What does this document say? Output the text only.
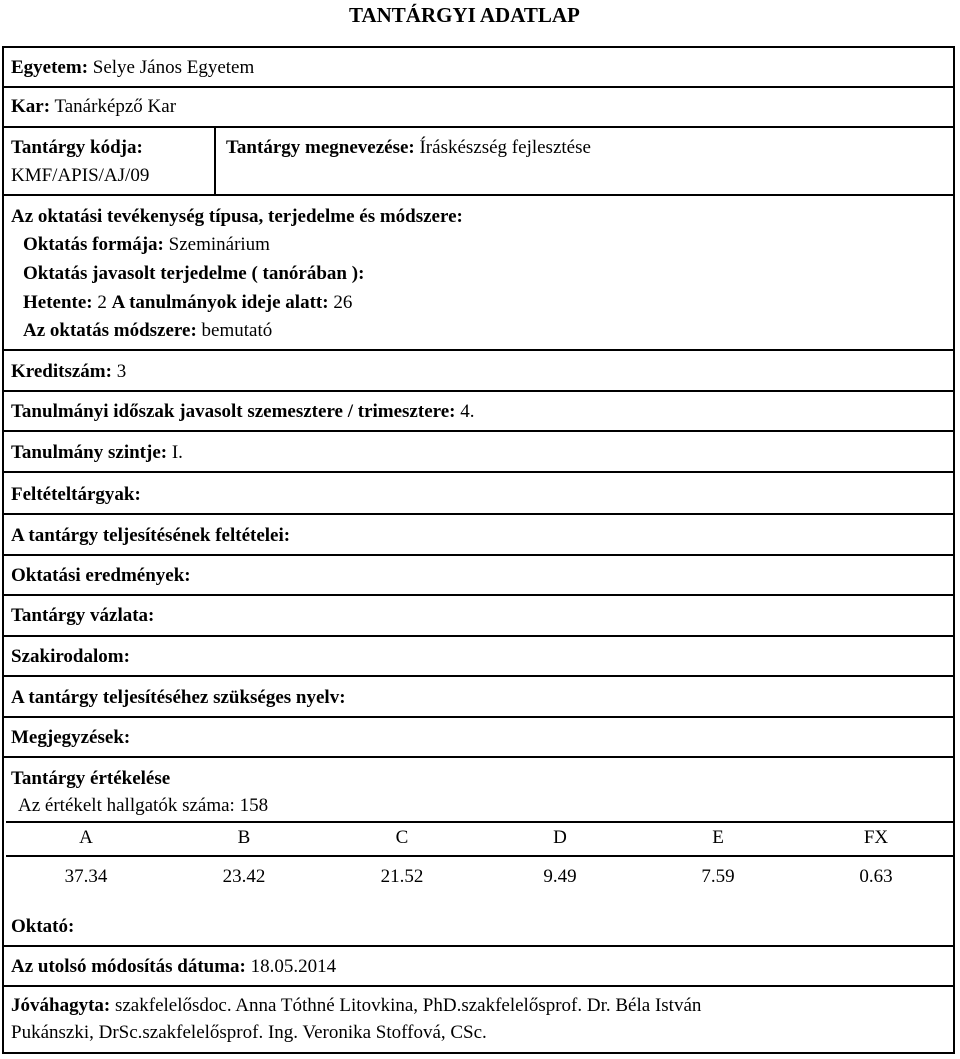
TANTÁRGYI ADATLAP
Egyetem: Selye János Egyetem
Kar: Tanárképző Kar
Tantárgy kódja:
KMF/APIS/AJ/09
Tantárgy megnevezése: Íráskészség fejlesztése
Az oktatási tevékenység típusa, terjedelme és módszere:
Oktatás formája: Szeminárium
Oktatás javasolt terjedelme ( tanórában ):
Hetente: 2 A tanulmányok ideje alatt: 26
Az oktatás módszere: bemutató
Kreditszám: 3
Tanulmányi időszak javasolt szemesztere / trimesztere: 4.
Tanulmány szintje: I.
Feltételtárgyak:
A tantárgy teljesítésének feltételei:
Oktatási eredmények:
Tantárgy vázlata:
Szakirodalom:
A tantárgy teljesítéséhez szükséges nyelv:
Megjegyzések:
Tantárgy értékelése
Az értékelt hallgatók száma: 158
A	B	C	D	E	FX
37.34	23.42	21.52	9.49	7.59	0.63
Oktató:
Az utolsó módosítás dátuma: 18.05.2014
Jóváhagyta: szakfelelősdoc. Anna Tóthné Litovkina, PhD.szakfelelősprof. Dr. Béla István
Pukánszki, DrSc.szakfelelősprof. Ing. Veronika Stoffová, CSc.
